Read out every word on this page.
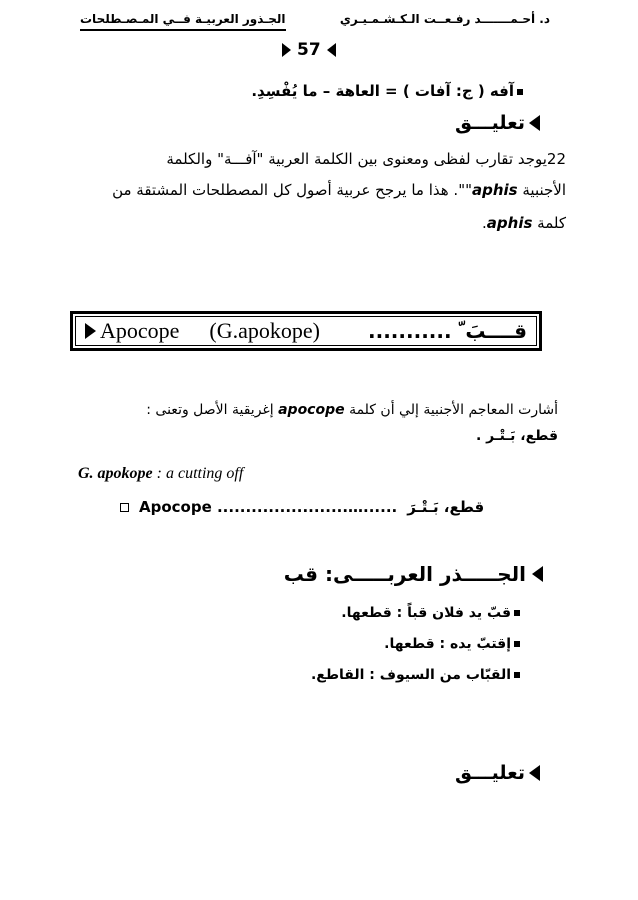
د. أحـمـــــــد رفـعــت الـكـشـمـيـري
الجـذور العربيـة فــي المـصـطلحات
57
آفه ( ج: آفات ) = العاهة – ما يُفْسِدِ.
تعليـــق
22يوجد تقارب لفظى ومعنوى بين الكلمة العربية "آفـــة" والكلمة
الأجنبية aphis"". هذا ما يرجح عربية أصول كل المصطلحات المشتقة من
كلمة aphis.
Apocope (G.apokope) قــــبَ ّ ...........
أشارت المعاجم الأجنبية إلي أن كلمة apocope إغريقية الأصل وتعنى :
قطع، بَـتْـر .
G. apokope : a cutting off
Apocope .......................…...... قطع، بَـتْـرَ
الجـــــذر العربـــــى: قب
قبّ يد فلان قباً : قطعها.
إقتبّ يده : قطعها.
القبّاب من السيوف : القاطع.
تعليـــق
